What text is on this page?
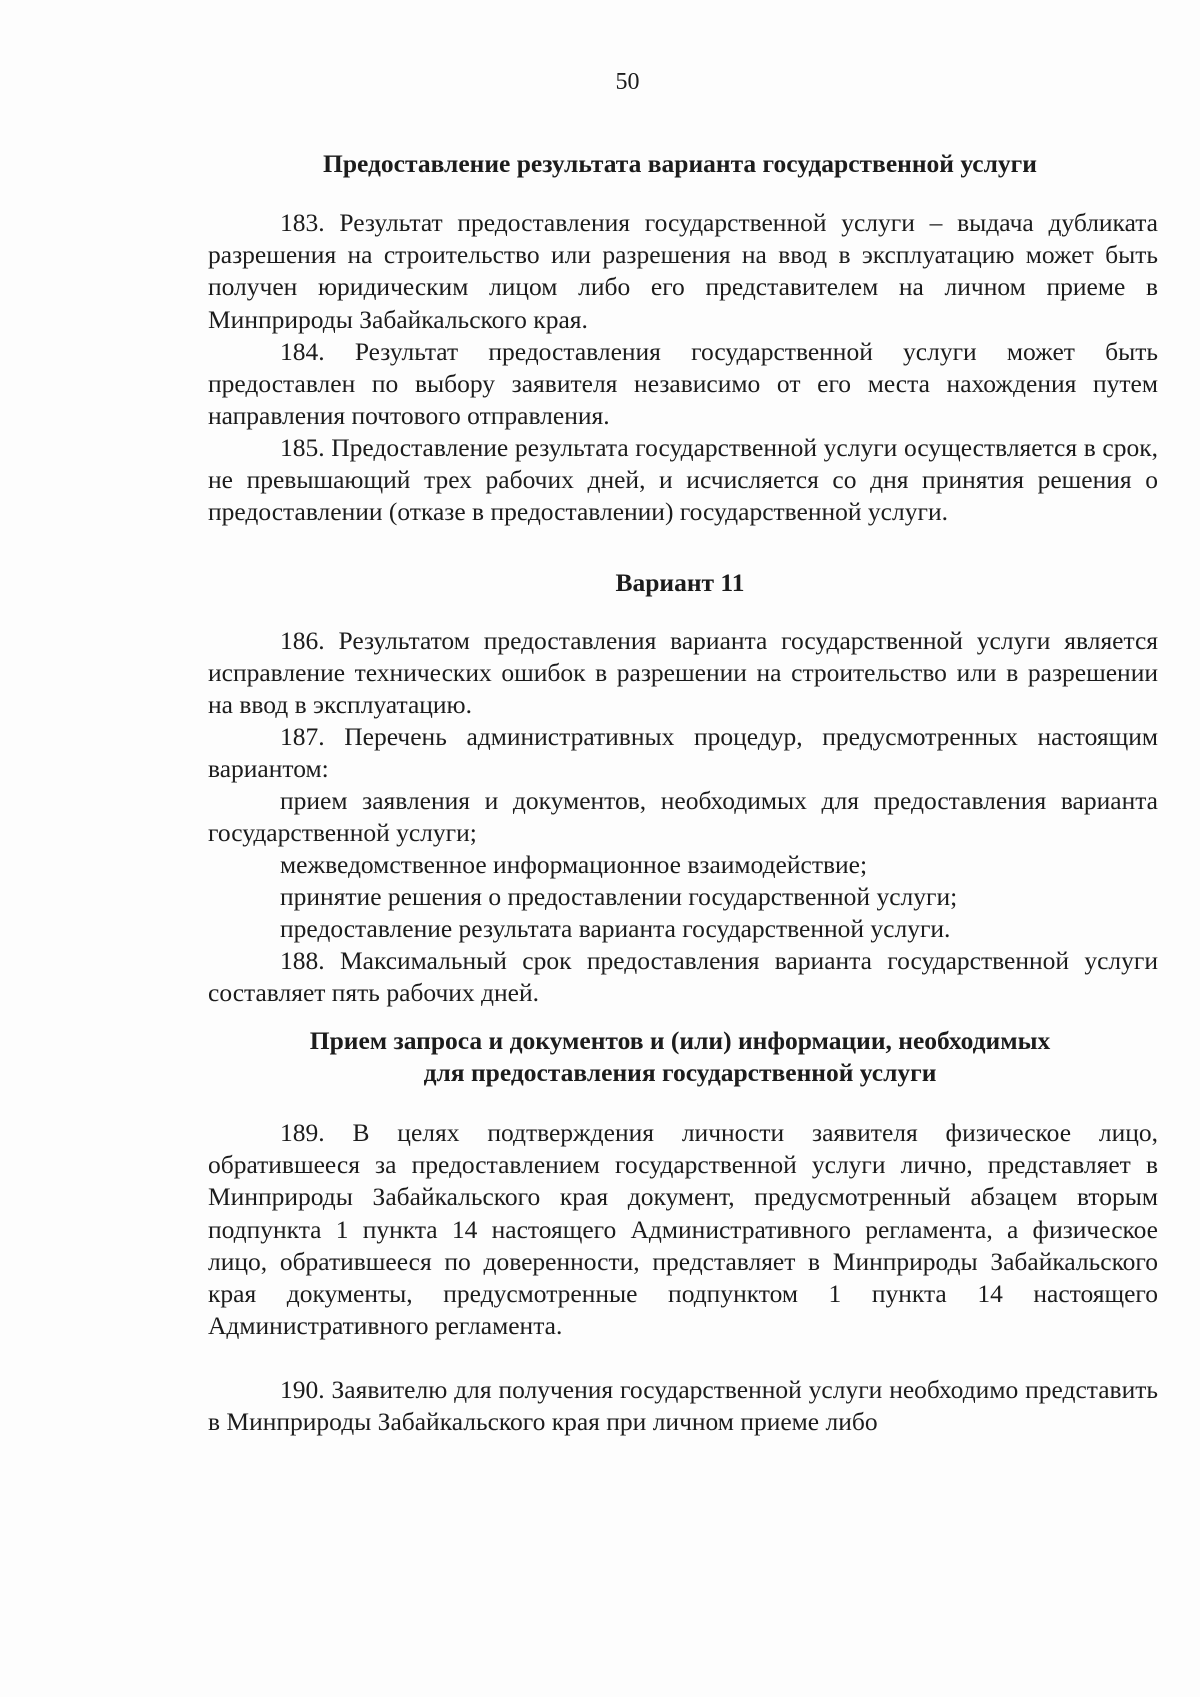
50
Предоставление результата варианта государственной услуги
183. Результат предоставления государственной услуги – выдача дубликата разрешения на строительство или разрешения на ввод в эксплуатацию может быть получен юридическим лицом либо его представителем на личном приеме в Минприроды Забайкальского края.
184. Результат предоставления государственной услуги может быть предоставлен по выбору заявителя независимо от его места нахождения путем направления почтового отправления.
185. Предоставление результата государственной услуги осуществляется в срок, не превышающий трех рабочих дней, и исчисляется со дня принятия решения о предоставлении (отказе в предоставлении) государственной услуги.
Вариант 11
186. Результатом предоставления варианта государственной услуги является исправление технических ошибок в разрешении на строительство или в разрешении на ввод в эксплуатацию.
187. Перечень административных процедур, предусмотренных настоящим вариантом:
прием заявления и документов, необходимых для предоставления варианта государственной услуги;
межведомственное информационное взаимодействие;
принятие решения о предоставлении государственной услуги;
предоставление результата варианта государственной услуги.
188. Максимальный срок предоставления варианта государственной услуги составляет пять рабочих дней.
Прием запроса и документов и (или) информации, необходимых
для предоставления государственной услуги
189. В целях подтверждения личности заявителя физическое лицо, обратившееся за предоставлением государственной услуги лично, представляет в Минприроды Забайкальского края документ, предусмотренный абзацем вторым подпункта 1 пункта 14 настоящего Административного регламента, а физическое лицо, обратившееся по доверенности, представляет в Минприроды Забайкальского края документы, предусмотренные подпунктом 1 пункта 14 настоящего Административного регламента.
190. Заявителю для получения государственной услуги необходимо представить в Минприроды Забайкальского края при личном приеме либо
